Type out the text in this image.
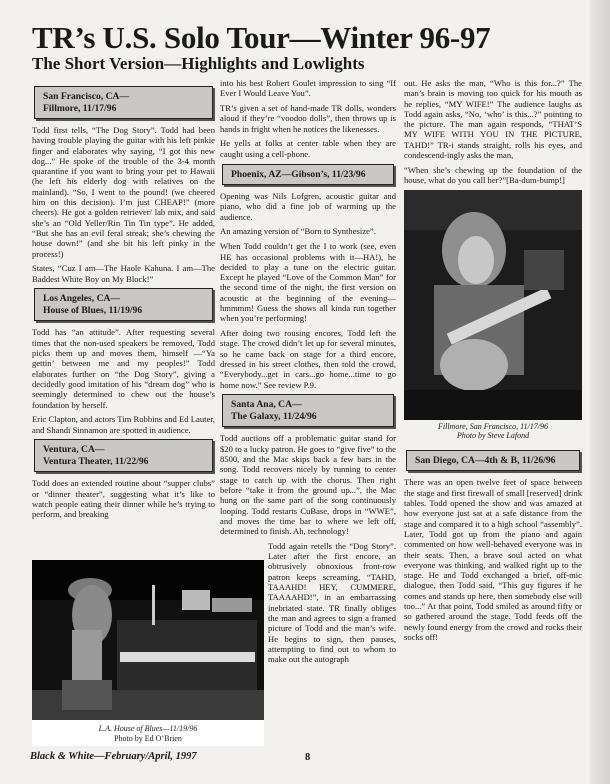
TR’s U.S. Solo Tour—Winter 96-97
The Short Version—Highlights and Lowlights
San Francisco, CA—
Fillmore, 11/17/96

Todd first tells, “The Dog Story”. Todd had been having trouble playing the guitar with his left pinkie finger and elaborates why saying, “I got this new dog...” He spoke of the trouble of the 3-4 month quarantine if you want to bring your pet to Hawaii (he left his elderly dog with relatives on the mainland). “So, I went to the pound! (we cheered him on this decision). I’m just CHEAP!” (more cheers). He got a golden retriever/ lab mix, and said she’s an “Old Yeller/Rin Tin Tin type”. He added, “But she has an evil feral streak; she’s chewing the house down!” (and she bit his left pinky in the process!)

States, “Cuz I am—The Haole Kahuna. I am—The Baddest White Boy on My Block!”

Los Angeles, CA—
House of Blues, 11/19/96

Todd has “an attitude”. After requesting several times that the non-used speakers be removed, Todd picks them up and moves them, himself —“Ya gettin’ between me and my peoples!” Todd elaborates further on “the Dog Story”, giving a decidedly good imitation of his “dream dog” who is seemingly determined to chew out the house’s foundation by herself.

Eric Clapton, and actors Tim Robbins and Ed Lauter, and Shandi Sinnamon are spotted in audience.

Ventura, CA—
Ventura Theater, 11/22/96

Todd does an extended routine about “supper clubs” or “dinner theater”, suggesting what it’s like to watch people eating their dinner while he’s trying to perform, and breaking

L.A. House of Blues—11/19/96
Photo by Ed O’Brien

into his best Robert Goulet impression to sing “If Ever I Would Leave You”.

TR’s given a set of hand-made TR dolls, wonders aloud if they’re “voodoo dolls”, then throws up is hands in fright when he notices the likenesses.

He yells at folks at center table when they are caught using a cell-phone.

Phoenix, AZ—Gibson’s, 11/23/96

Opening was Nils Lofgren, acoustic guitar and piano, who did a fine job of warming up the audience.

An amazing version of “Born to Synthesize”.

When Todd couldn’t get the I to work (see, even HE has occasional problems with it—HA!), he decided to play a tune on the electric guitar. Except he played “Love of the Common Man” for the second time of the night, the first version on acoustic at the beginning of the evening—hmmmm! Guess the shows all kinda run together when you’re performing!

After doing two rousing encores, Todd left the stage. The crowd didn’t let up for several minutes, so he came back on stage for a third encore, dressed in his street clothes, then told the crowd, “Everybody...get in cars...go home...time to go home now.” See review P.9.

Santa Ana, CA—
The Galaxy, 11/24/96

Todd auctions off a problematic guitar stand for $20 to a lucky patron. He goes to “give five” to the 8500, and the Mac skips back a few bars in the song. Todd recovers nicely by running to center stage to catch up with the chorus. Then right before “take it from the ground up...”, the Mac hung on the same part of the song continuously looping. Todd restarts CuBase, drops in “WWE”, and moves the time bar to where we left off, determined to finish. Ah, technology!

Todd again retells the “Dog Story”. Later after the first encore, an obtrusively obnoxious front-row patron keeps screaming, “TAHD, TAAAHD! HEY, CUMMERE, TAAAAHD!”, in an embarrassing inebriated state. TR finally obliges the man and agrees to sign a framed picture of Todd and the man’s wife. He begins to sign, then pauses, attempting to find out to whom to make out the autograph

out. He asks the man, “Who is this for...?” The man’s brain is moving too quick for his mouth as he replies, “MY WIFE!” The audience laughs as Todd again asks, “No, ‘who’ is this...?” pointing to the picture. The man again responds, “THAT’S MY WIFE WITH YOU IN THE PICTURE, TAHD!” TR-i stands straight, rolls his eyes, and condescend-ingly asks the man,

“When she’s chewing up the foundation of the house, what do you call her?”[Ba-dum-bump!]

Fillmore, San Francisco, 11/17/96
Photo by Steve Lafond
San Diego, CA—4th & B, 11/26/96

There was an open twelve feet of space between the stage and first firewall of small [reserved] drink tables. Todd opened the show and was amazed at how everyone just sat at a safe distance from the stage and compared it to a high school “assembly”. Later, Todd got up from the piano and again commented on how well-behaved everyone was in their seats. Then, a brave soul acted on what everyone was thinking, and walked right up to the stage. He and Todd exchanged a brief, off-mic dialogue, then Todd said, “This guy figures if he comes and stands up here, then somebody else will too...” At that point, Todd smiled as around fifty or so gathered around the stage. Todd feeds off the newly found energy from the crowd and rocks their socks off!

Black & White—February/April, 1997	8
